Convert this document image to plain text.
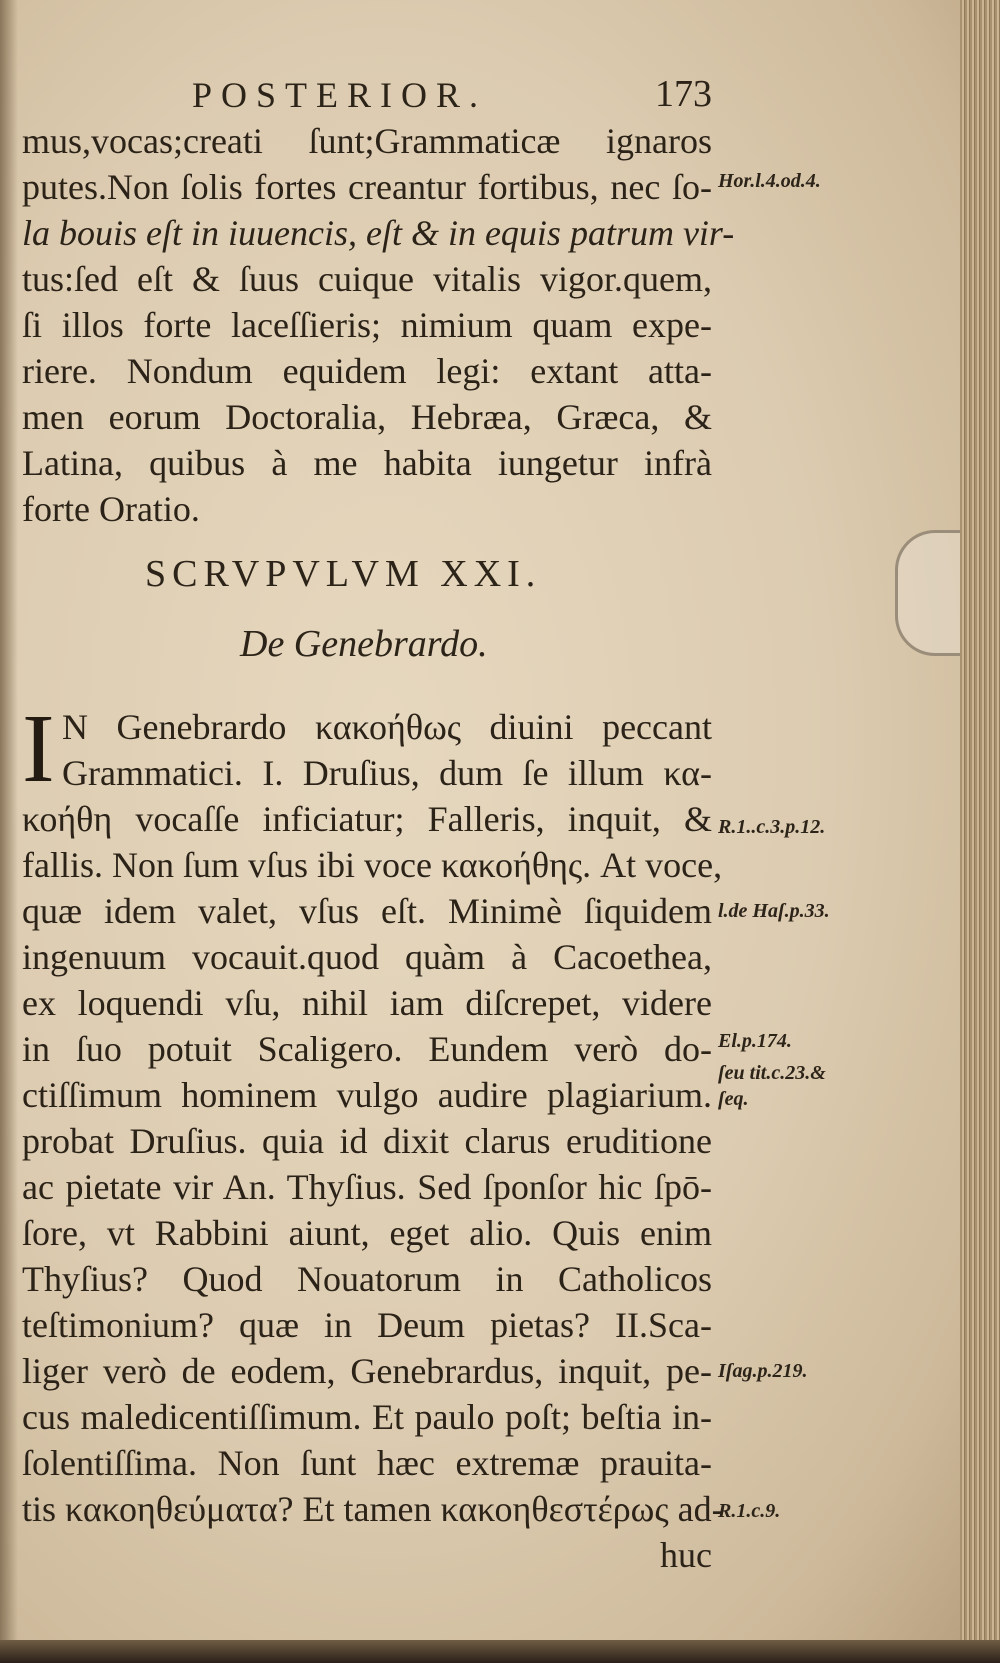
POSTERIOR.	173
mus,vocas;creati ſunt;Grammaticæ ignaros
putes.Non ſolis fortes creantur fortibus, nec ſo-
la bouis eſt in iuuencis, eſt & in equis patrum vir-
tus:ſed eſt & ſuus cuique vitalis vigor.quem,
ſi illos forte laceſſieris; nimium quam expe-
riere. Nondum equidem legi: extant atta-
men eorum Doctoralia, Hebræa, Græca, &
Latina, quibus à me habita iungetur infrà
forte Oratio.
SCRVPVLVM XXI.
De Genebrardo.
I N Genebrardo κακοήθως diuini peccant
Grammatici. I. Druſius, dum ſe illum κα-
κοήθη vocaſſe inficiatur; Falleris, inquit, &
fallis. Non ſum vſus ibi voce κακοήθης. At voce,
quæ idem valet, vſus eſt. Minimè ſiquidem
ingenuum vocauit.quod quàm à Cacoethea,
ex loquendi vſu, nihil iam diſcrepet, videre
in ſuo potuit Scaligero. Eundem verò do-
ctiſſimum hominem vulgo audire plagiarium.
probat Druſius. quia id dixit clarus eruditione
ac pietate vir An. Thyſius. Sed ſponſor hic ſpō-
ſore, vt Rabbini aiunt, eget alio. Quis enim
Thyſius? Quod Nouatorum in Catholicos
teſtimonium? quæ in Deum pietas? II.Sca-
liger verò de eodem, Genebrardus, inquit, pe-
cus maledicentiſſimum. Et paulo poſt; beſtia in-
ſolentiſſima. Non ſunt hæc extremæ prauita-
tis κακοηθεύματα? Et tamen κακοηθεστέρως ad-
huc
Hor.l.4.od.4.
R.1..c.3.p.12.
l.de Haſ.p.33.
El.p.174.
ſeu tit.c.23.&
ſeq.
Iſag.p.219.
R.1.c.9.
